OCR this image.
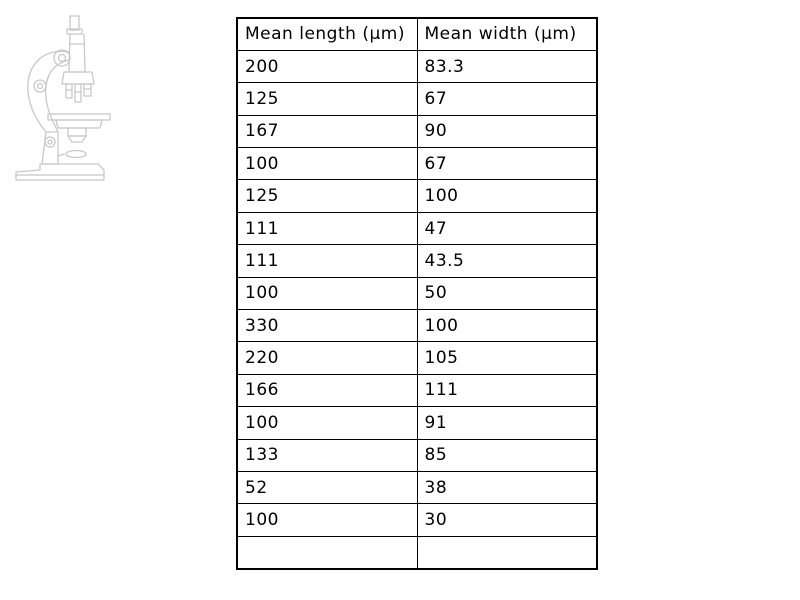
Mean length (µm)	Mean width (µm)
200	83.3
125	67
167	90
100	67
125	100
111	47
111	43.5
100	50
330	100
220	105
166	111
100	91
133	85
52	38
100	30
